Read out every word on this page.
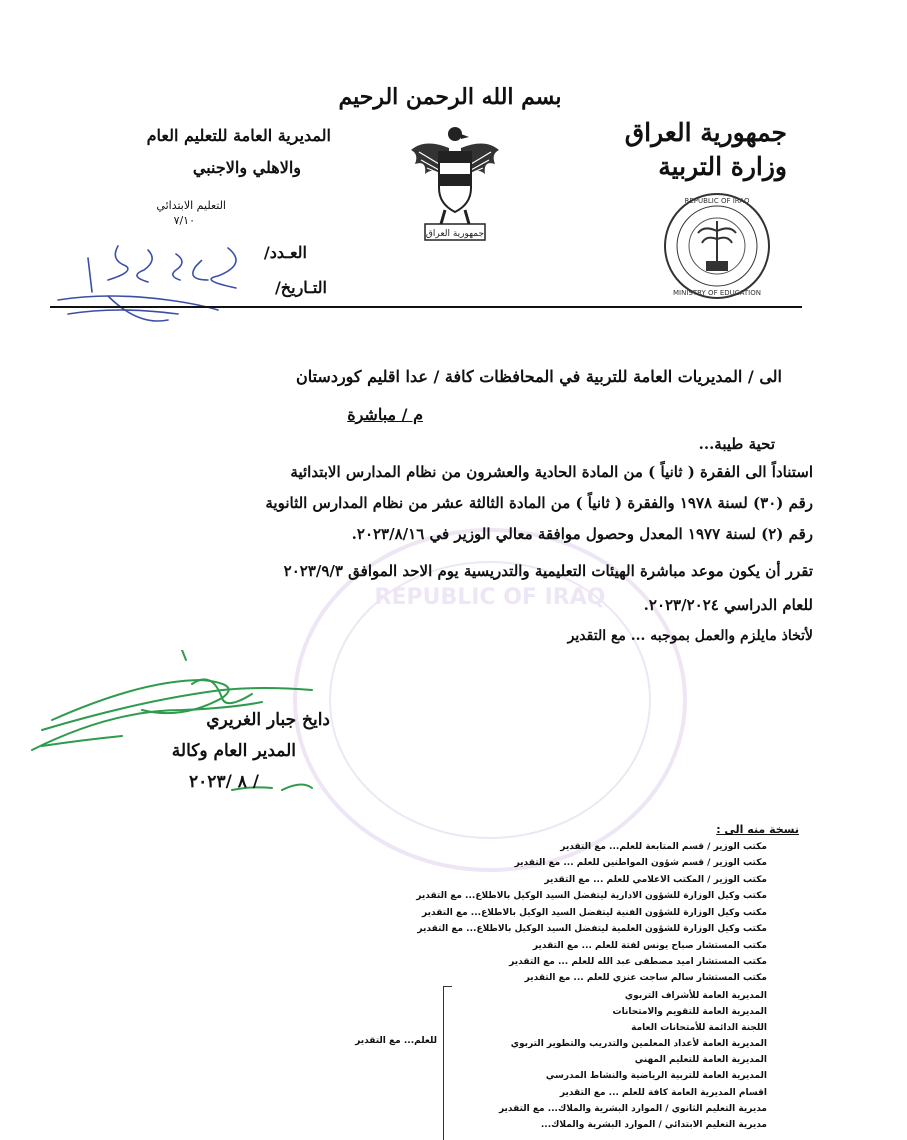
بسم الله الرحمن الرحيم
جمهورية العراق
وزارة التربية
المديرية العامة للتعليم العام
والاهلي والاجنبي
التعليم الابتدائي
٧/١٠
جمهورية العراق
REPUBLIC OF IRAQ
MINISTRY OF EDUCATION
العـدد/
التـاريخ/
REPUBLIC OF IRAQ
الى / المديريات العامة للتربية في المحافظات كافة / عدا اقليم كوردستان
م / مباشرة
تحية طيبة...
استناداً الى الفقرة ( ثانياً ) من المادة الحادية والعشرون من نظام المدارس الابتدائية
رقم (٣٠) لسنة ١٩٧٨ والفقرة ( ثانياً ) من المادة الثالثة عشر من نظام المدارس الثانوية
رقم (٢) لسنة ١٩٧٧ المعدل وحصول موافقة معالي الوزير في ٢٠٢٣/٨/١٦.
تقرر أن يكون موعد مباشرة الهيئات التعليمية والتدريسية يوم الاحد الموافق ٢٠٢٣/٩/٣
للعام الدراسي ٢٠٢٣/٢٠٢٤.
لأتخاذ مايلزم والعمل بموجبه ... مع التقدير
دايخ جبار الغريري
المدير العام وكالة
/ ٨ /٢٠٢٣
نسخة منه الى :
مكتب الوزير / قسم المتابعة للعلم... مع التقدير
مكتب الوزير / قسم شؤون المواطنين للعلم ... مع التقدير
مكتب الوزير / المكتب الاعلامي للعلم ... مع التقدير
مكتب وكيل الوزارة للشؤون الادارية ليتفضل السيد الوكيل بالاطلاع... مع التقدير
مكتب وكيل الوزارة للشؤون الفنية ليتفضل السيد الوكيل بالاطلاع... مع التقدير
مكتب وكيل الوزارة للشؤون العلمية ليتفضل السيد الوكيل بالاطلاع... مع التقدير
مكتب المستشار صباح يونس لفتة للعلم ... مع التقدير
مكتب المستشار اميد مصطفى عبد الله للعلم ... مع التقدير
مكتب المستشار سالم ساجت عنزي للعلم ... مع التقدير
المديرية العامة للأشراف التربوي
المديرية العامة للتقويم والامتحانات
اللجنة الدائمة للأمتحانات العامة
المديرية العامة لأعداد المعلمين والتدريب والتطوير التربوي
المديرية العامة للتعليم المهني
المديرية العامة للتربية الرياضية والنشاط المدرسي
اقسام المديرية العامة كافة للعلم ... مع التقدير
مديرية التعليم الثانوي / الموارد البشرية والملاك... مع التقدير
مديرية التعليم الابتدائي / الموارد البشرية والملاك...
للعلم... مع التقدير
